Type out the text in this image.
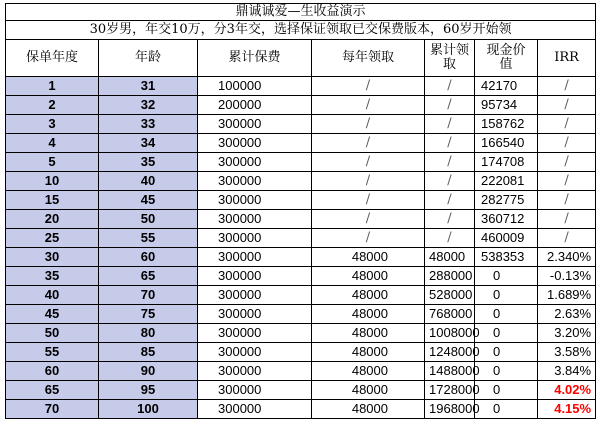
鼎诚诚爱—生收益演示						
30岁男，年交10万，分3年交，选择保证领取已交保费版本，60岁开始领						
保单年度	年龄	累计保费	每年领取	累计领取	现金价值	IRR
1	31	100000	/	/	42170	/
2	32	200000	/	/	95734	/
3	33	300000	/	/	158762	/
4	34	300000	/	/	166540	/
5	35	300000	/	/	174708	/
10	40	300000	/	/	222081	/
15	45	300000	/	/	282775	/
20	50	300000	/	/	360712	/
25	55	300000	/	/	460009	/
30	60	300000	48000	48000	538353	2.340%
35	65	300000	48000	288000	0	-0.13%
40	70	300000	48000	528000	0	1.689%
45	75	300000	48000	768000	0	2.63%
50	80	300000	48000	1008000	0	3.20%
55	85	300000	48000	1248000	0	3.58%
60	90	300000	48000	1488000	0	3.84%
65	95	300000	48000	1728000	0	4.02%
70	100	300000	48000	1968000	0	4.15%
